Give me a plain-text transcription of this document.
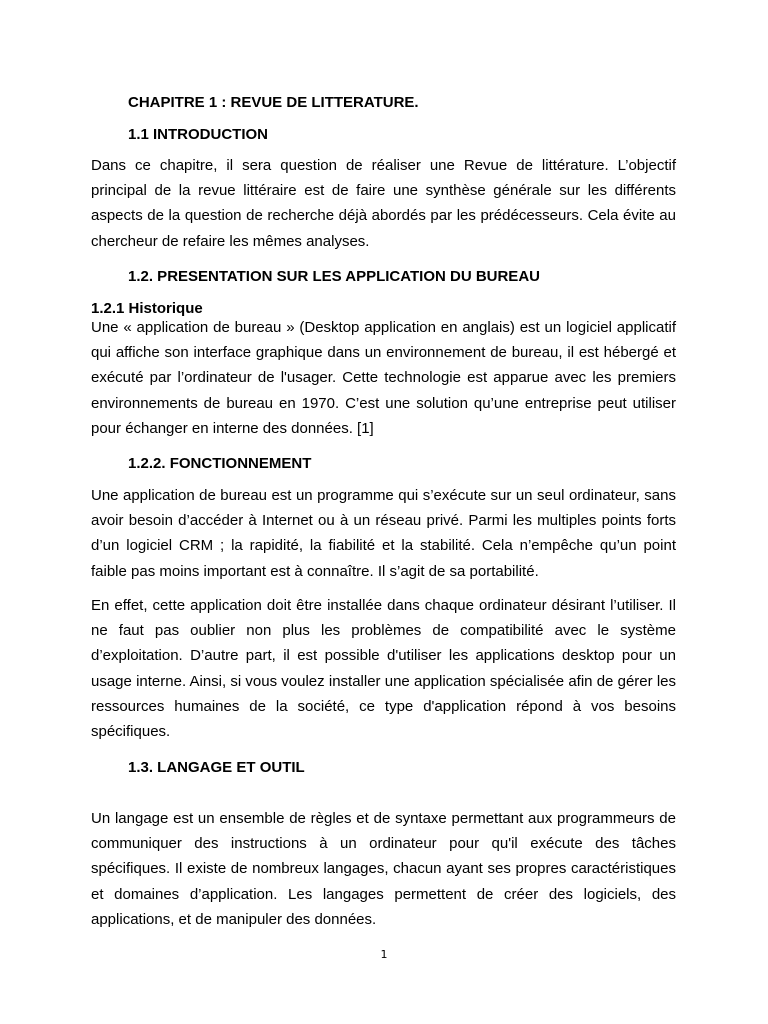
CHAPITRE 1 : REVUE DE LITTERATURE.
1.1 INTRODUCTION

Dans ce chapitre, il sera question de réaliser une Revue de littérature. L’objectif principal de la revue littéraire est de faire une synthèse générale sur les différents aspects de la question de recherche déjà abordés par les prédécesseurs. Cela évite au chercheur de refaire les mêmes analyses.

1.2. PRESENTATION SUR LES APPLICATION DU BUREAU
1.2.1 Historique

Une « application de bureau » (Desktop application en anglais) est un logiciel applicatif qui affiche son interface graphique dans un environnement de bureau, il est hébergé et exécuté par l’ordinateur de l'usager. Cette technologie est apparue avec les premiers environnements de bureau en 1970. C’est une solution qu’une entreprise peut utiliser pour échanger en interne des données. [1]

1.2.2. FONCTIONNEMENT

Une application de bureau est un programme qui s’exécute sur un seul ordinateur, sans avoir besoin d’accéder à Internet ou à un réseau privé. Parmi les multiples points forts d’un logiciel CRM ; la rapidité, la fiabilité et la stabilité. Cela n’empêche qu’un point faible pas moins important est à connaître. Il s’agit de sa portabilité.

En effet, cette application doit être installée dans chaque ordinateur désirant l’utiliser. Il ne faut pas oublier non plus les problèmes de compatibilité avec le système d’exploitation. D’autre part, il est possible d'utiliser les applications desktop pour un usage interne. Ainsi, si vous voulez installer une application spécialisée afin de gérer les ressources humaines de la société, ce type d'application répond à vos besoins spécifiques.

1.3. LANGAGE ET OUTIL

Un langage est un ensemble de règles et de syntaxe permettant aux programmeurs de communiquer des instructions à un ordinateur pour qu'il exécute des tâches spécifiques. Il existe de nombreux langages, chacun ayant ses propres caractéristiques et domaines d’application. Les langages permettent de créer des logiciels, des applications, et de manipuler des données.

1
